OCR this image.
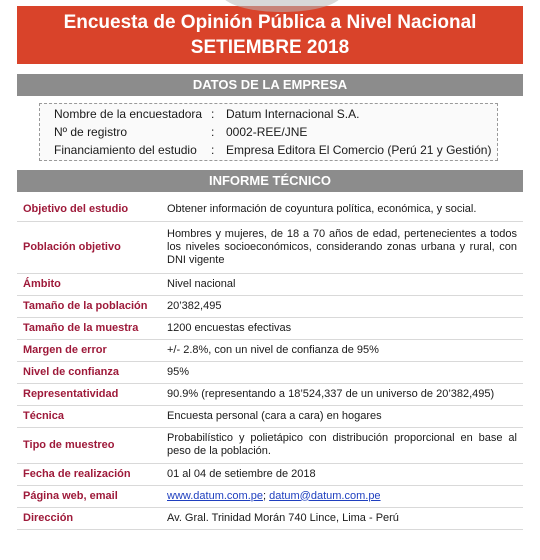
Encuesta de Opinión Pública a Nivel Nacional
SETIEMBRE 2018
DATOS DE LA EMPRESA
Nombre de la encuestadora : Datum Internacional S.A.
Nº de registro	: 0002-REE/JNE
Financiamiento del estudio	: Empresa Editora El Comercio (Perú 21 y Gestión)
INFORME TÉCNICO
Objetivo del estudio	Obtener información de coyuntura política, económica, y social.
Población objetivo	Hombres y mujeres, de 18 a 70 años de edad, pertenecientes a todos los niveles socioeconómicos, considerando zonas urbana y rural, con DNI vigente
Ámbito	Nivel nacional
Tamaño de la población	20’382,495
Tamaño de la muestra	1200 encuestas efectivas
Margen de error	+/- 2.8%, con un nivel de confianza de 95%
Nivel de confianza	95%
Representatividad	90.9% (representando a 18’524,337 de un universo de 20’382,495)
Técnica	Encuesta personal (cara a cara) en hogares
Tipo de muestreo	Probabilístico y polietápico con distribución proporcional en base al peso de la población.
Fecha de realización	01 al 04 de setiembre de 2018
Página web, email	www.datum.com.pe; datum@datum.com.pe
Dirección	Av. Gral. Trinidad Morán 740 Lince, Lima - Perú
